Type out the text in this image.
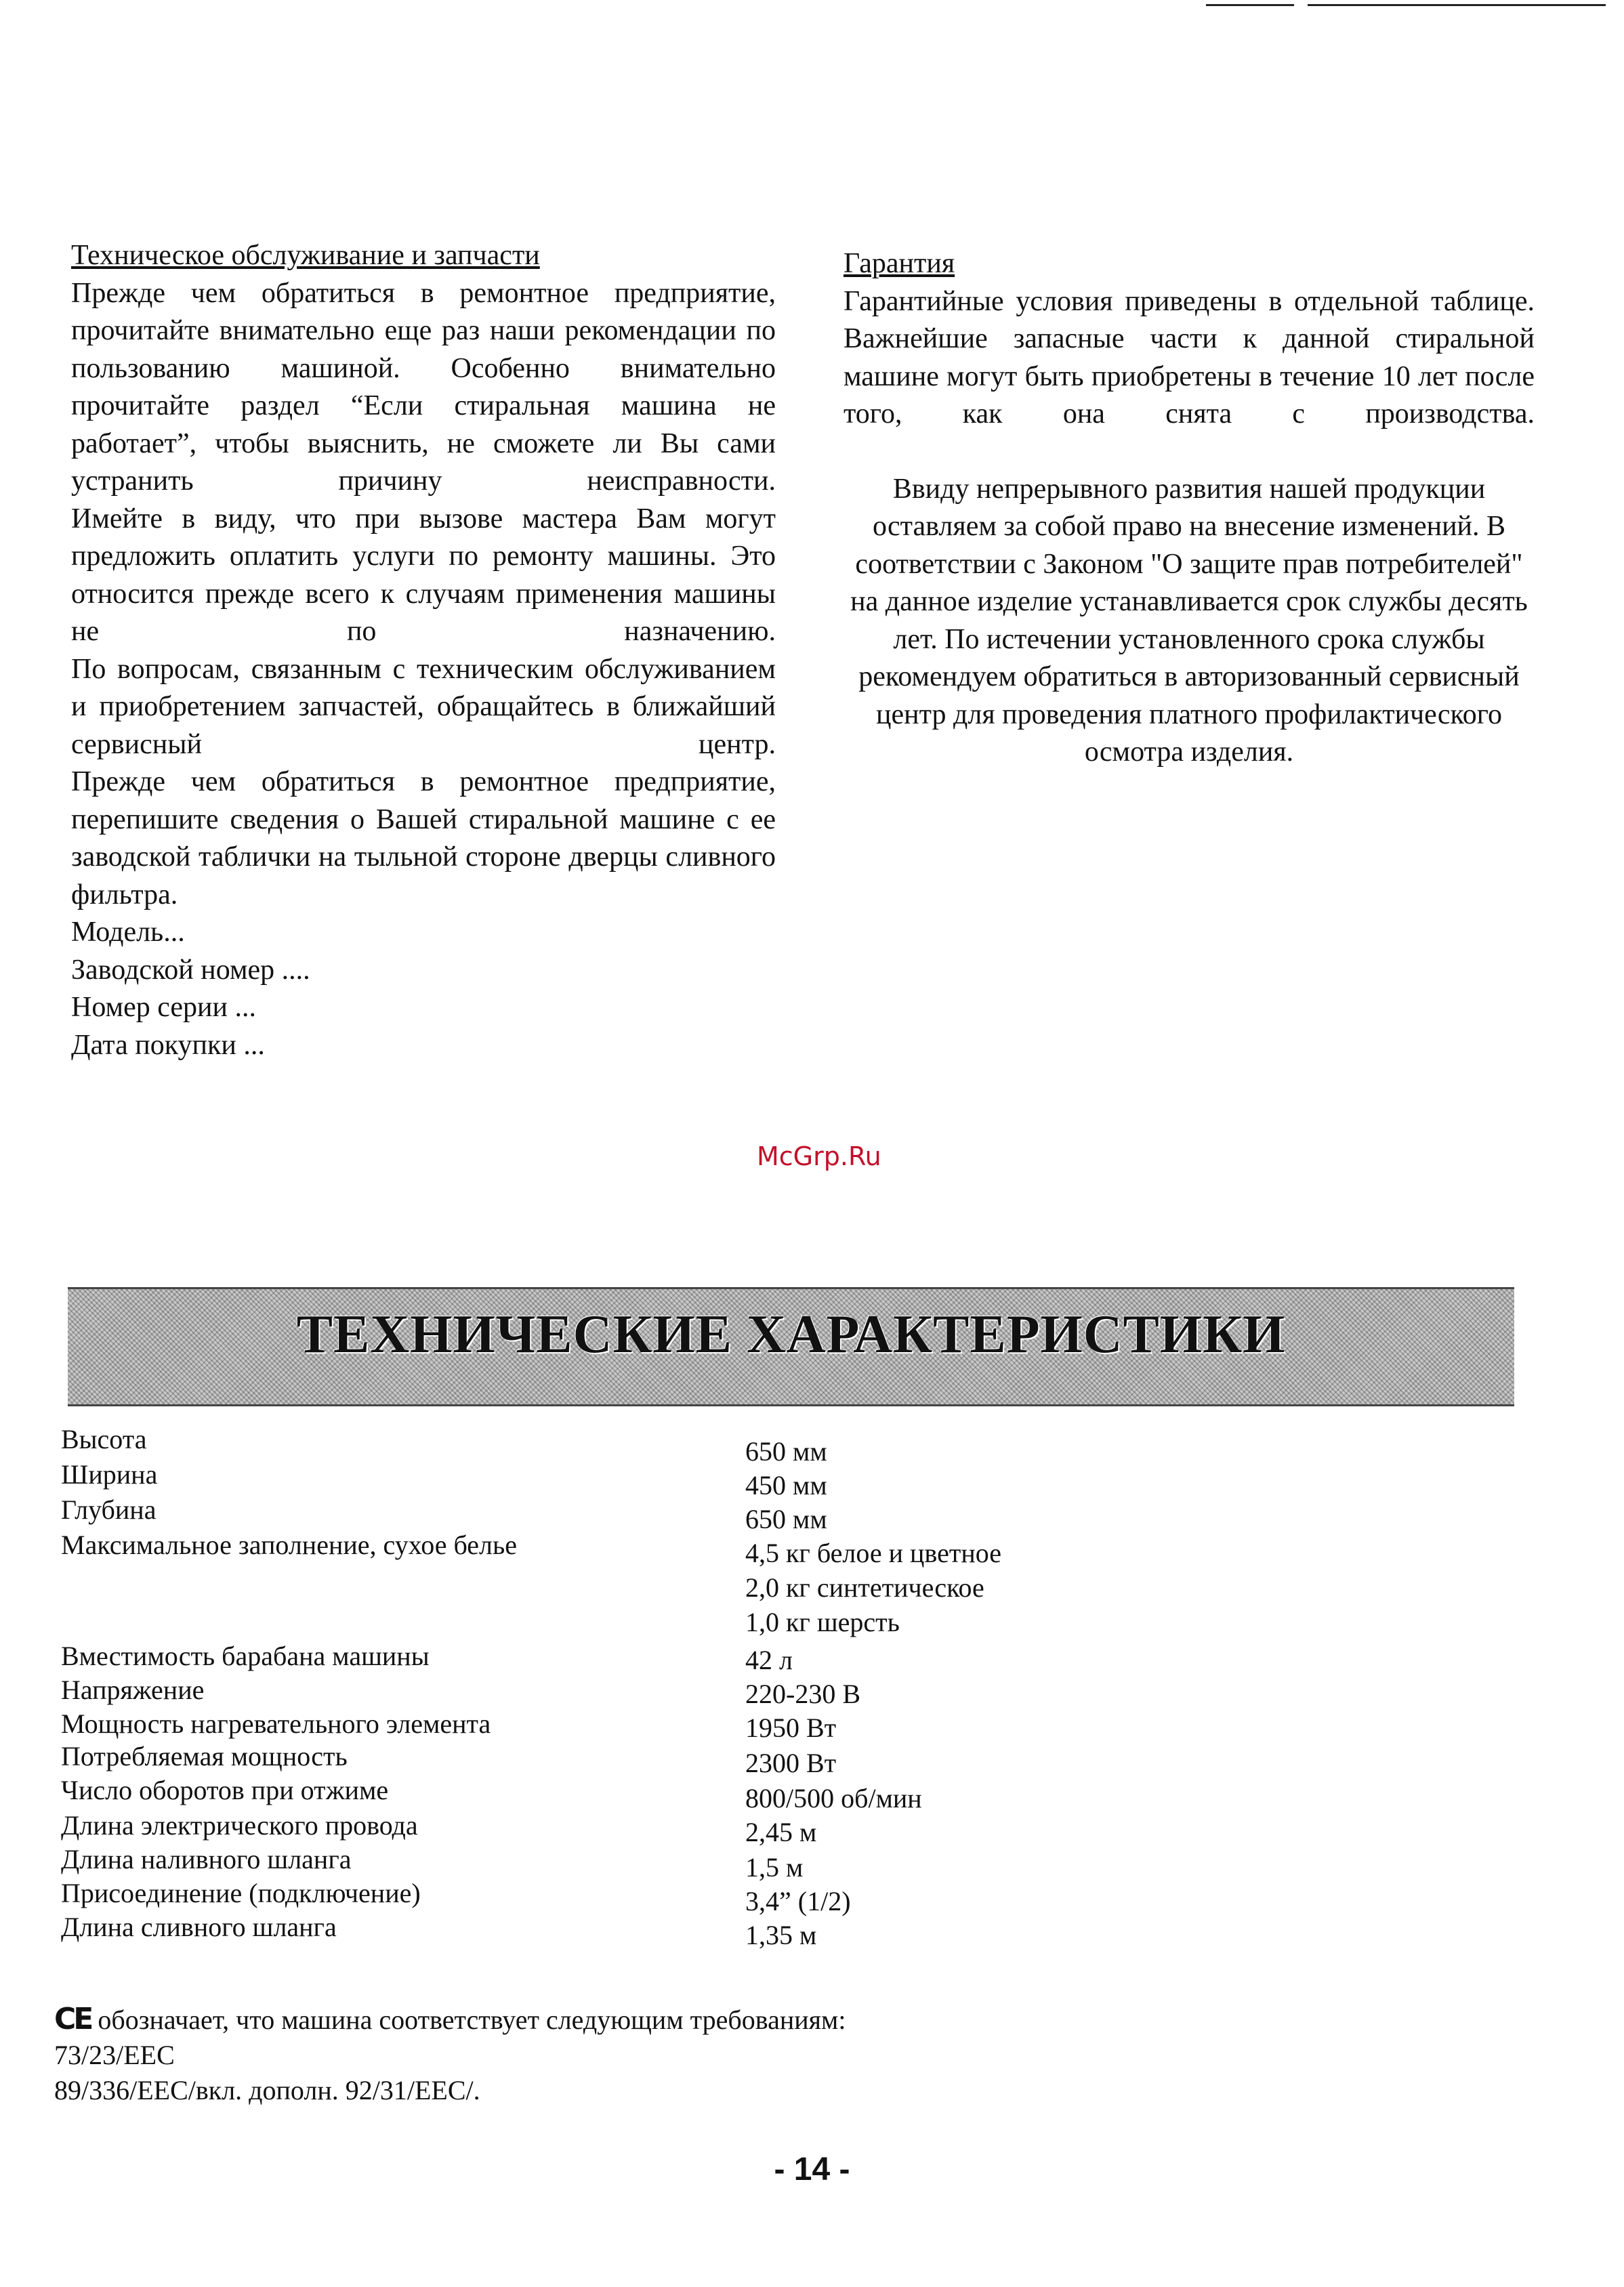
Техническое обслуживание и запчасти

Прежде чем обратиться в ремонтное предприятие, прочитайте внимательно еще раз наши рекомендации по пользованию машиной. Особенно внимательно прочитайте раздел “Если стиральная машина не работает”, чтобы выяснить, не сможете ли Вы сами устранить причину неисправности.

Имейте в виду, что при вызове мастера Вам могут предложить оплатить услуги по ремонту машины. Это относится прежде всего к случаям применения машины не по назначению.

По вопросам, связанным с техническим обслуживанием и приобретением запчастей, обращайтесь в ближайший сервисный центр.

Прежде чем обратиться в ремонтное предприятие, перепишите сведения о Вашей стиральной машине с ее заводской таблички на тыльной стороне дверцы сливного фильтра.

Модель...
Заводской номер ....
Номер серии ...
Дата покупки ...
Гарантия

Гарантийные условия приведены в отдельной таблице.

Важнейшие запасные части к данной стиральной машине могут быть приобретены в течение 10 лет после того, как она снята с производства.

Ввиду непрерывного развития нашей продукции оставляем за собой право на внесение изменений. В соответствии с Законом "О защите прав потребителей" на данное изделие устанавливается срок службы десять лет. По истечении установленного срока службы рекомендуем обратиться в авторизованный сервисный центр для проведения платного профилактического осмотра изделия.

McGrp.Ru
ТЕХНИЧЕСКИЕ ХАРАКТЕРИСТИКИ
Высота	650 мм
Ширина	450 мм
Глубина	650 мм
Максимальное заполнение, сухое белье	4,5 кг белое и цветное
2,0 кг синтетическое
1,0 кг шерсть
Вместимость барабана машины	42 л
Напряжение	220-230 В
Мощность нагревательного элемента	1950 Вт
Потребляемая мощность	2300 Вт
Число оборотов при отжиме	800/500 об/мин
Длина электрического провода	2,45 м
Длина наливного шланга	1,5 м
Присоединение (подключение)	3,4” (1/2)
Длина сливного шланга	1,35 м
CE обозначает, что машина соответствует следующим требованиям:
73/23/EEC
89/336/EEC/вкл. дополн. 92/31/EEC/.
- 14 -
